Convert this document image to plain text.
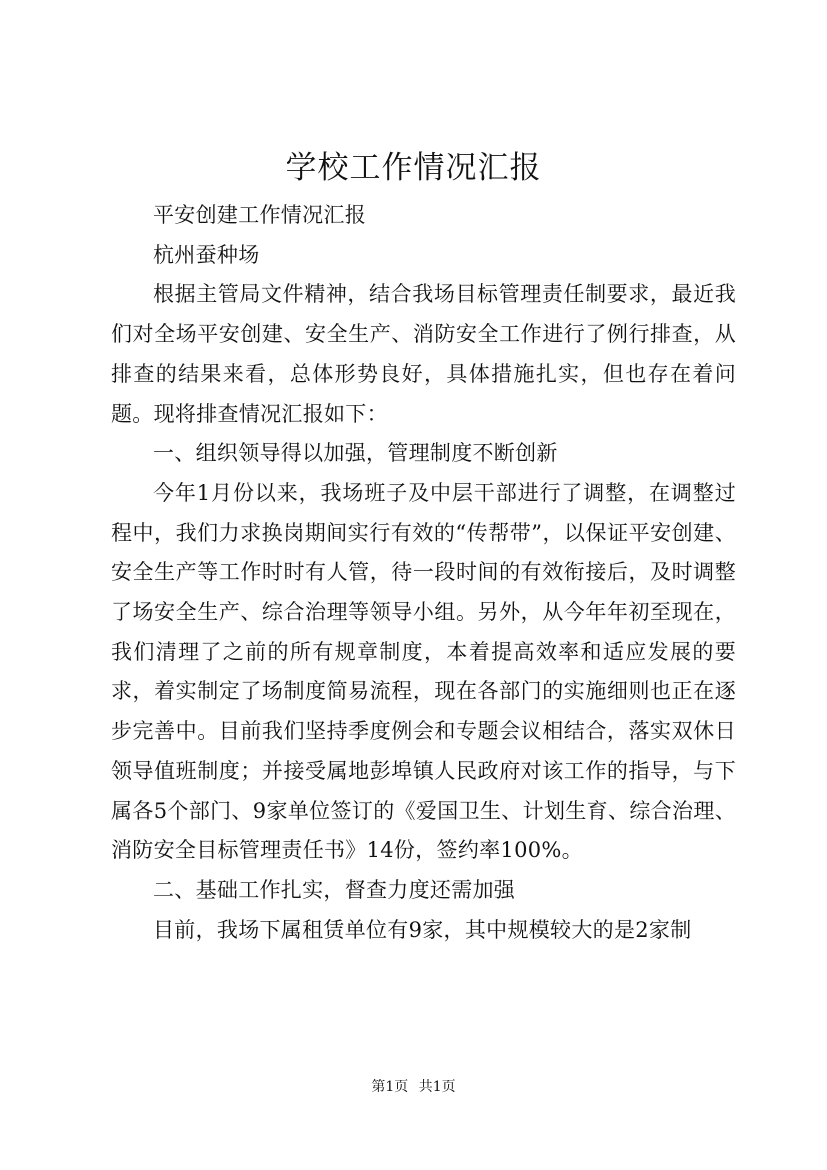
学校工作情况汇报

平安创建工作情况汇报

杭州蚕种场

根据主管局文件精神，结合我场目标管理责任制要求，最近我们对全场平安创建、安全生产、消防安全工作进行了例行排查，从排查的结果来看，总体形势良好，具体措施扎实，但也存在着问题。现将排查情况汇报如下：

一、组织领导得以加强，管理制度不断创新

今年1月份以来，我场班子及中层干部进行了调整，在调整过程中，我们力求换岗期间实行有效的“传帮带”，以保证平安创建、安全生产等工作时时有人管，待一段时间的有效衔接后，及时调整了场安全生产、综合治理等领导小组。另外，从今年年初至现在，我们清理了之前的所有规章制度，本着提高效率和适应发展的要求，着实制定了场制度简易流程，现在各部门的实施细则也正在逐步完善中。目前我们坚持季度例会和专题会议相结合，落实双休日领导值班制度；并接受属地彭埠镇人民政府对该工作的指导，与下属各5个部门、9家单位签订的《爱国卫生、计划生育、综合治理、消防安全目标管理责任书》14份，签约率100%。

二、基础工作扎实，督查力度还需加强

目前，我场下属租赁单位有9家，其中规模较大的是2家制

第1页 共1页
